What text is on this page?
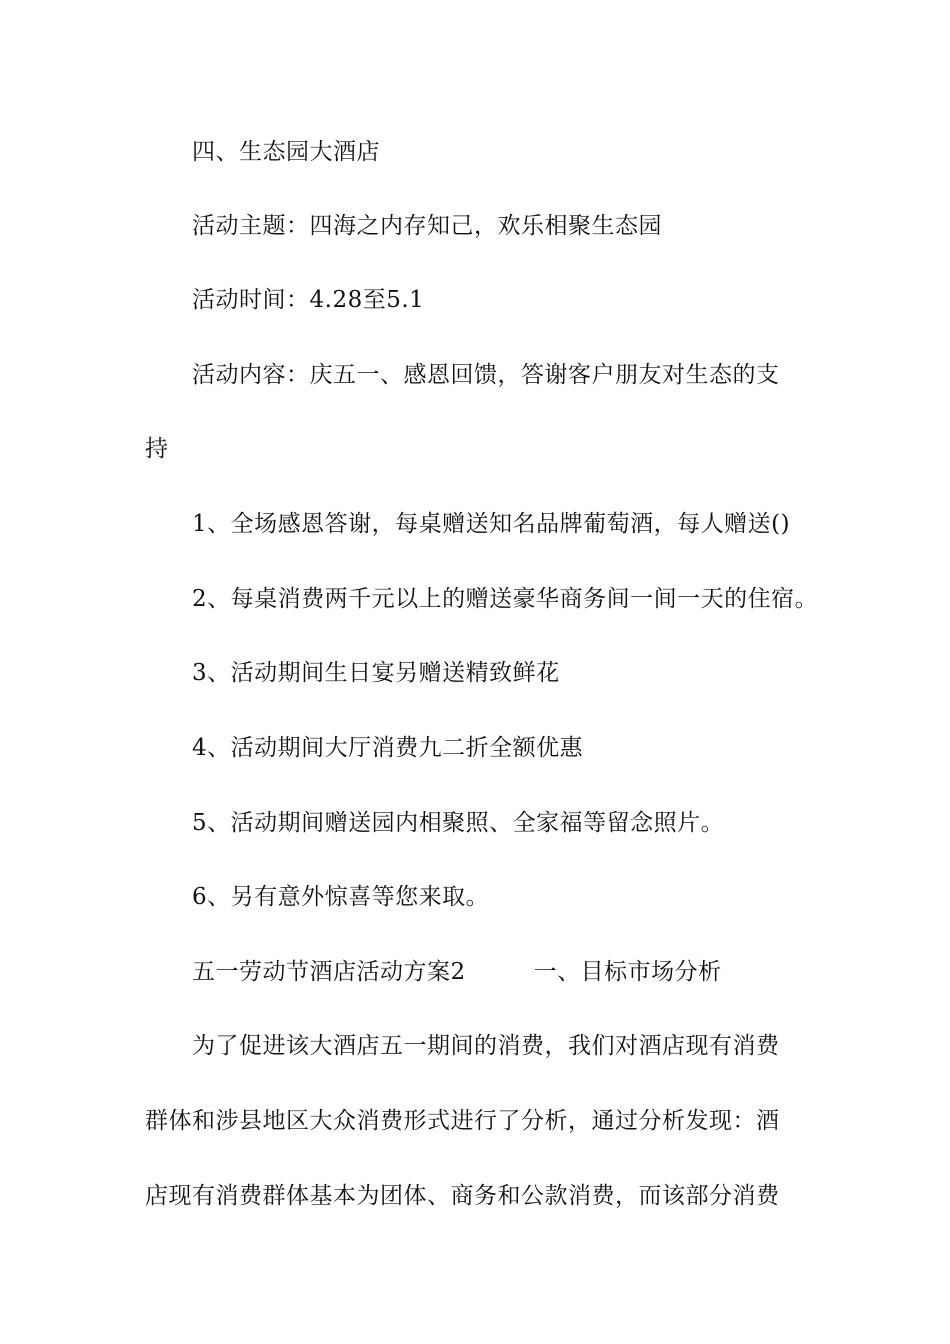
四、生态园大酒店
活动主题：四海之内存知己，欢乐相聚生态园
活动时间：4.28至5.1
活动内容：庆五一、感恩回馈，答谢客户朋友对生态的支
持
1、全场感恩答谢，每桌赠送知名品牌葡萄酒，每人赠送()
2、每桌消费两千元以上的赠送豪华商务间一间一天的住宿。
3、活动期间生日宴另赠送精致鲜花
4、活动期间大厅消费九二折全额优惠
5、活动期间赠送园内相聚照、全家福等留念照片。
6、另有意外惊喜等您来取。
五一劳动节酒店活动方案2	一、目标市场分析
为了促进该大酒店五一期间的消费，我们对酒店现有消费
群体和涉县地区大众消费形式进行了分析，通过分析发现：酒
店现有消费群体基本为团体、商务和公款消费，而该部分消费
